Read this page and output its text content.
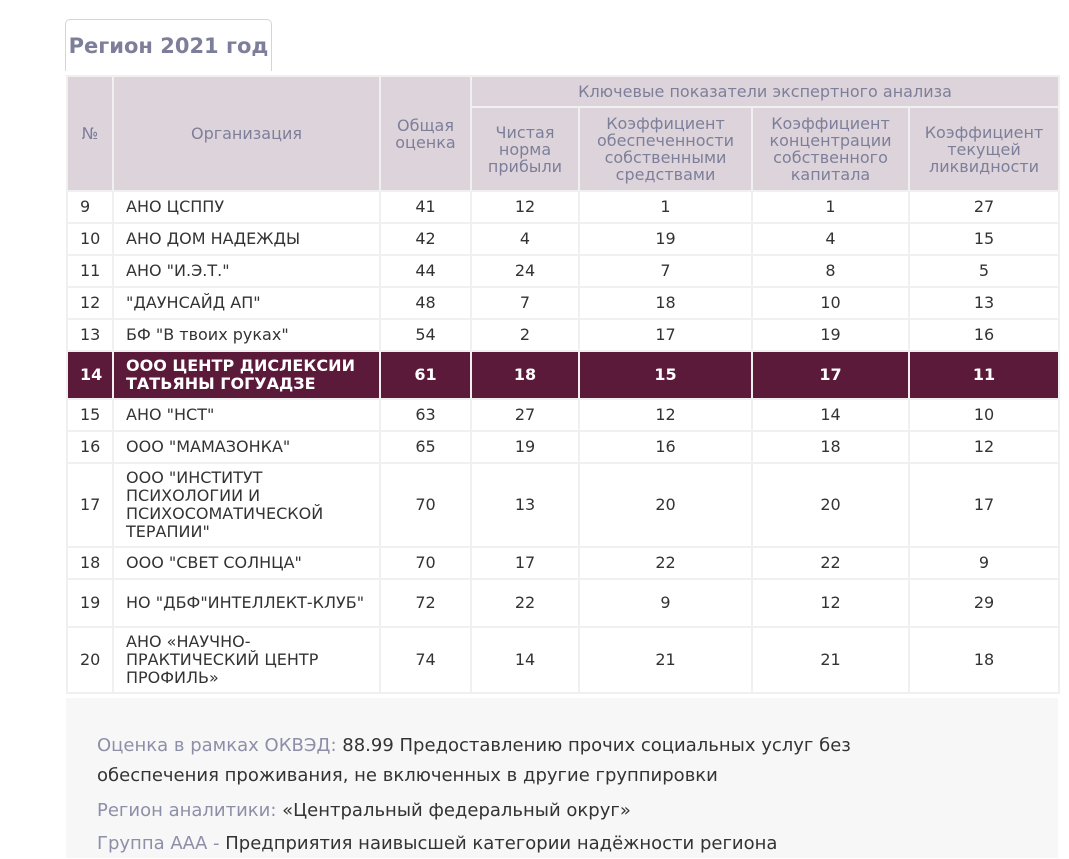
Регион 2021 год
№	Организация	Общая оценка	Ключевые показатели экспертного анализа			
			Чистая норма прибыли	Коэффициент обеспеченности собственными средствами	Коэффициент концентрации собственного капитала	Коэффициент текущей ликвидности
9	АНО ЦСППУ	41	12	1	1	27
10	АНО ДОМ НАДЕЖДЫ	42	4	19	4	15
11	АНО "И.Э.Т."	44	24	7	8	5
12	"ДАУНСАЙД АП"	48	7	18	10	13
13	БФ "В твоих руках"	54	2	17	19	16
14	ООО ЦЕНТР ДИСЛЕКСИИ ТАТЬЯНЫ ГОГУАДЗЕ	61	18	15	17	11
15	АНО "НСТ"	63	27	12	14	10
16	ООО "МАМАЗОНКА"	65	19	16	18	12
17	ООО "ИНСТИТУТ ПСИХОЛОГИИ И ПСИХОСОМАТИЧЕСКОЙ ТЕРАПИИ"	70	13	20	20	17
18	ООО "СВЕТ СОЛНЦА"	70	17	22	22	9
19	НО "ДБФ"ИНТЕЛЛЕКТ-КЛУБ"	72	22	9	12	29
20	АНО «НАУЧНО-ПРАКТИЧЕСКИЙ ЦЕНТР ПРОФИЛЬ»	74	14	21	21	18

Оценка в рамках ОКВЭД: 88.99 Предоставлению прочих социальных услуг без обеспечения проживания, не включенных в другие группировки

Регион аналитики: «Центральный федеральный округ»

Группа ААА - Предприятия наивысшей категории надёжности региона
